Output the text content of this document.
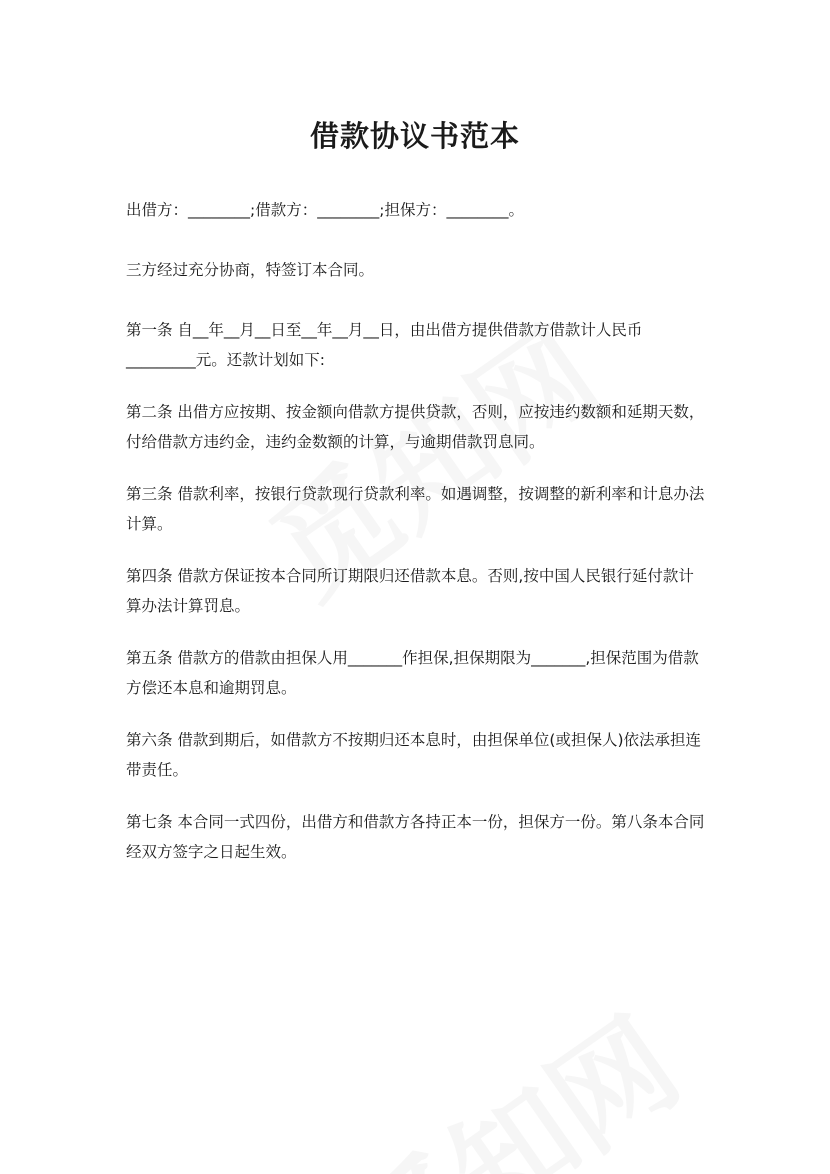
借款协议书范本

出借方：________;借款方：________;担保方：________。

三方经过充分协商，特签订本合同。

第一条 自__年__月__日至__年__月__日，由出借方提供借款方借款计人民币_________元。还款计划如下:

第二条 出借方应按期、按金额向借款方提供贷款，否则，应按违约数额和延期天数，付给借款方违约金，违约金数额的计算，与逾期借款罚息同。

第三条 借款利率，按银行贷款现行贷款利率。如遇调整，按调整的新利率和计息办法计算。

第四条 借款方保证按本合同所订期限归还借款本息。否则,按中国人民银行延付款计算办法计算罚息。

第五条 借款方的借款由担保人用_______作担保,担保期限为_______,担保范围为借款方偿还本息和逾期罚息。

第六条 借款到期后，如借款方不按期归还本息时，由担保单位(或担保人)依法承担连带责任。

第七条 本合同一式四份，出借方和借款方各持正本一份，担保方一份。第八条本合同经双方签字之日起生效。
